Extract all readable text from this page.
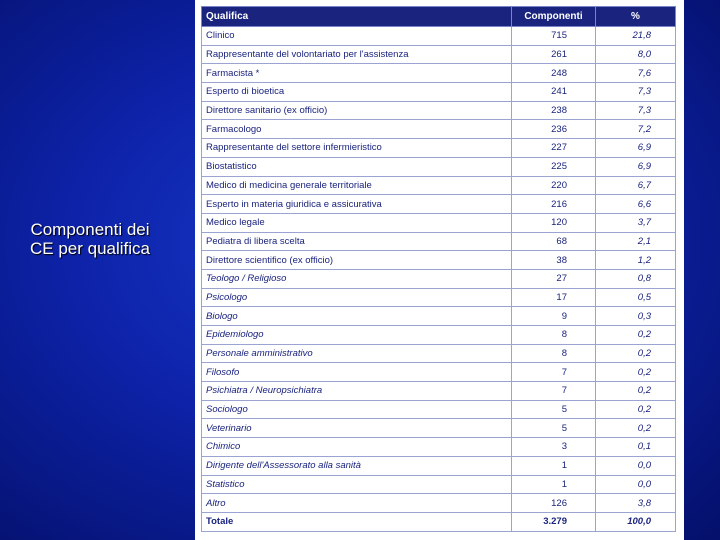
Componenti dei CE per qualifica
Qualifica	Componenti	%
Clinico	715	21,8
Rappresentante del volontariato per l'assistenza	261	8,0
Farmacista *	248	7,6
Esperto di bioetica	241	7,3
Direttore sanitario (ex officio)	238	7,3
Farmacologo	236	7,2
Rappresentante del settore infermieristico	227	6,9
Biostatistico	225	6,9
Medico di medicina generale territoriale	220	6,7
Esperto in materia giuridica e assicurativa	216	6,6
Medico legale	120	3,7
Pediatra di libera scelta	68	2,1
Direttore scientifico (ex officio)	38	1,2
Teologo / Religioso	27	0,8
Psicologo	17	0,5
Biologo	9	0,3
Epidemiologo	8	0,2
Personale amministrativo	8	0,2
Filosofo	7	0,2
Psichiatra / Neuropsichiatra	7	0,2
Sociologo	5	0,2
Veterinario	5	0,2
Chimico	3	0,1
Dirigente dell'Assessorato alla sanità	1	0,0
Statistico	1	0,0
Altro	126	3,8
Totale	3.279	100,0
